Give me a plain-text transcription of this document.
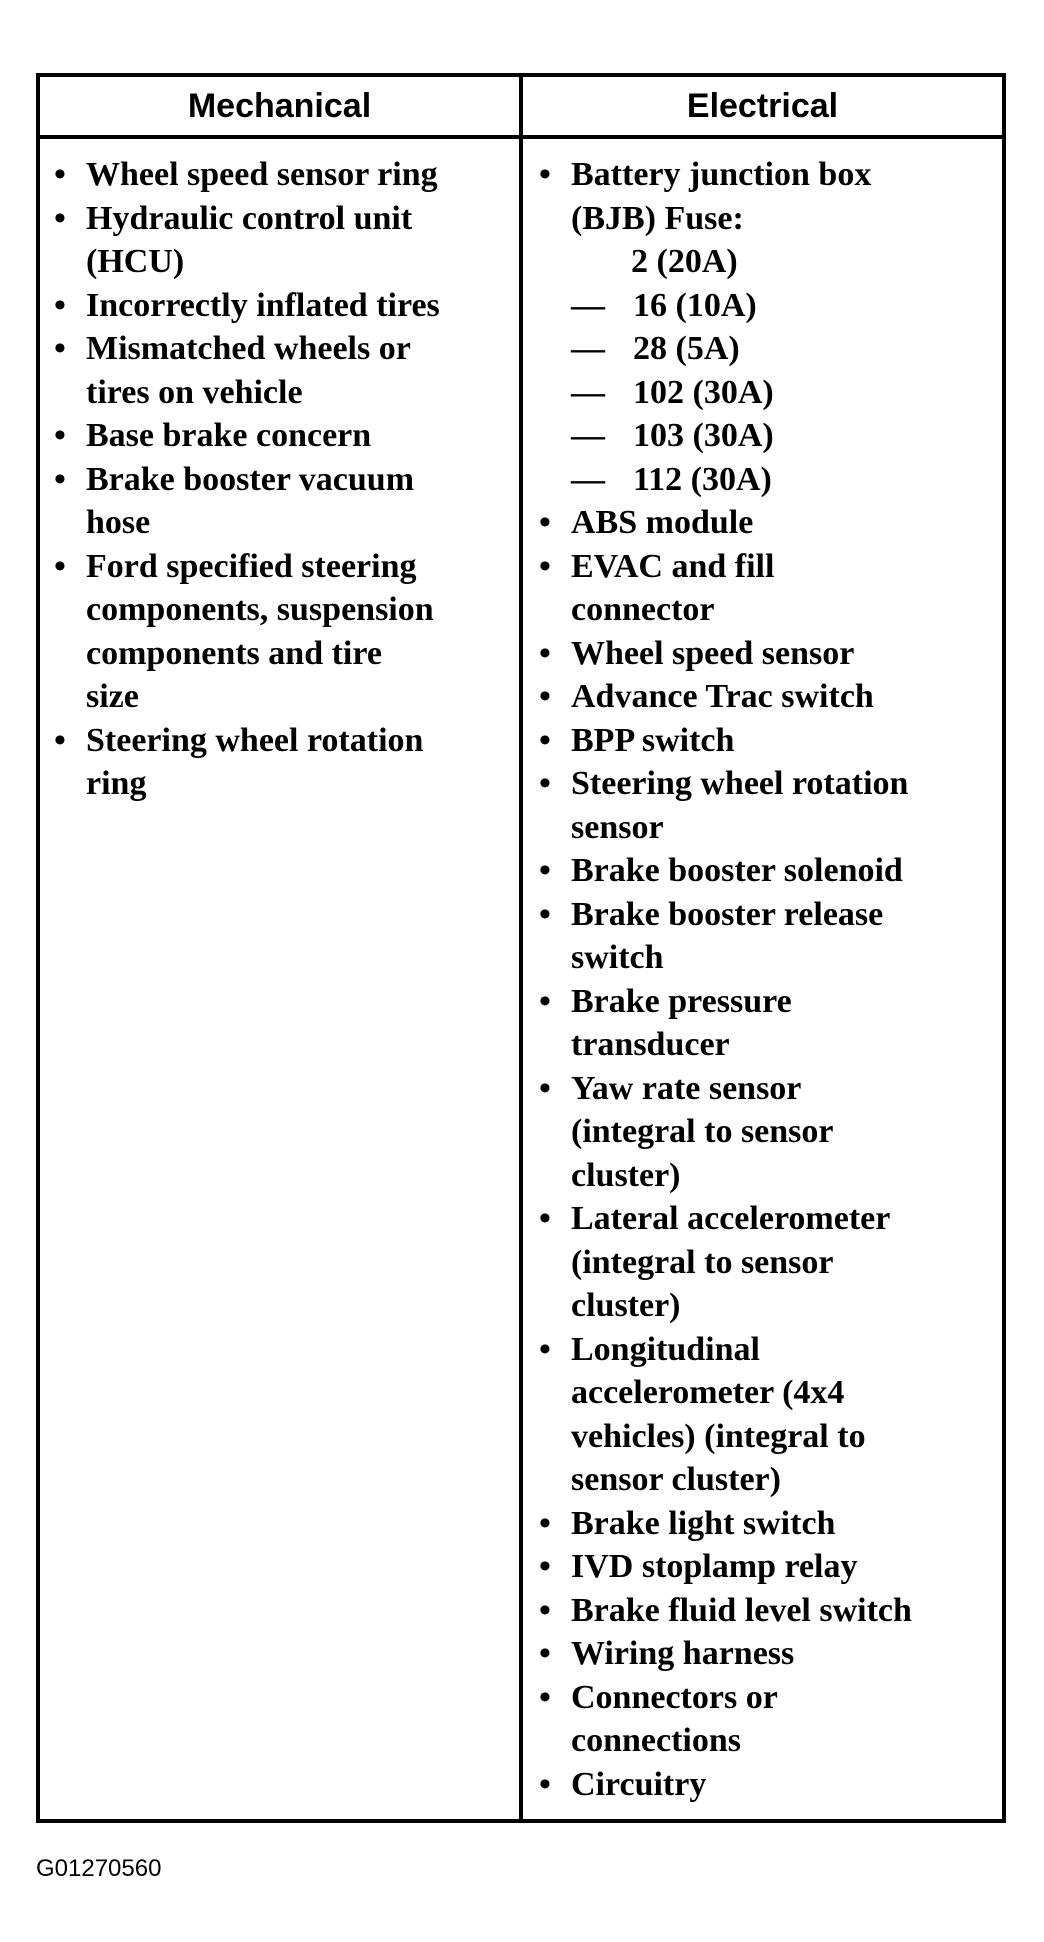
Mechanical	Electrical
• Wheel speed sensor ring
• Hydraulic control unit
(HCU)
• Incorrectly inflated tires
• Mismatched wheels or
tires on vehicle
• Base brake concern
• Brake booster vacuum
hose
• Ford specified steering
components, suspension
components and tire
size
• Steering wheel rotation
ring
• Battery junction box
(BJB) Fuse:
2 (20A)
— 16 (10A)
— 28 (5A)
— 102 (30A)
— 103 (30A)
— 112 (30A)
• ABS module
• EVAC and fill
connector
• Wheel speed sensor
• Advance Trac switch
• BPP switch
• Steering wheel rotation
sensor
• Brake booster solenoid
• Brake booster release
switch
• Brake pressure
transducer
• Yaw rate sensor
(integral to sensor
cluster)
• Lateral accelerometer
(integral to sensor
cluster)
• Longitudinal
accelerometer (4x4
vehicles) (integral to
sensor cluster)
• Brake light switch
• IVD stoplamp relay
• Brake fluid level switch
• Wiring harness
• Connectors or
connections
• Circuitry
G01270560
